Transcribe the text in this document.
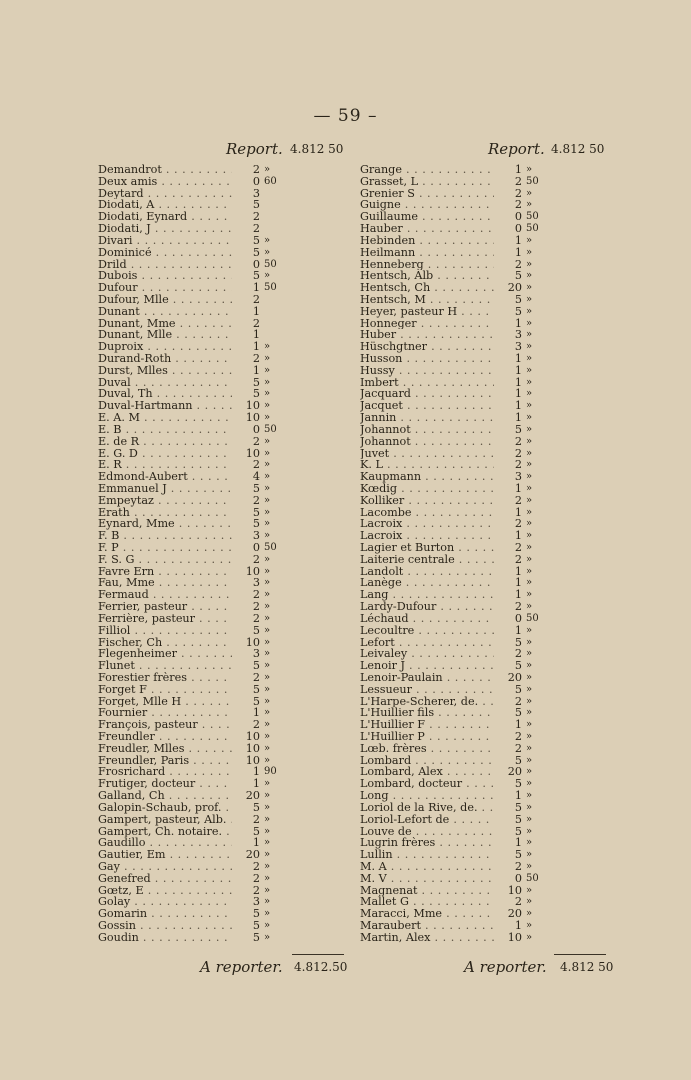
— 59 –
Report. 4.812 50
Demandrot . . .	2 »
Deux amis . . .	0 60
Deytard . . .	3
Diodati, A . . .	5
Diodati, Eynard . . .	2
Diodati, J . . .	2
Divari . . .	5 »
Dominicé . . .	5 »
Drild . . .	0 50
Dubois . . .	5 »
Dufour . . .	1 50
Dufour, Mlle . . .	2
Dunant . . .	1
Dunant, Mme . . .	2
Dunant, Mlle . . .	1
Duproix . . .	1 »
Durand-Roth . . .	2 »
Durst, Mlles . . .	1 »
Duval . . .	5 »
Duval, Th . . .	5 »
Duval-Hartmann . . .	10 »
E. A. M . . .	10 »
E. B . . .	0 50
E. de R . . .	2 »
E. G. D . . .	10 »
E. R . . .	2 »
Edmond-Aubert . . .	4 »
Emmanuel J . . .	5 »
Empeytaz . . .	2 »
Erath . . .	5 »
Eynard, Mme . . .	5 »
F. B . . .	3 »
F. P . . .	0 50
F. S. G . . .	2 »
Favre Ern . . .	10 »
Fau, Mme . . .	3 »
Fermaud . . .	2 »
Ferrier, pasteur . . .	2 »
Ferrière, pasteur . . .	2 »
Filliol . . .	5 »
Fischer, Ch . . .	10 »
Flegenheimer . . .	3 »
Flunet . . .	5 »
Forestier frères . . .	2 »
Forget F . . .	5 »
Forget, Mlle H . . .	5 »
Fournier . . .	1 »
François, pasteur . . .	2 »
Freundler . . .	10 »
Freudler, Mlles . . .	10 »
Freundler, Paris . . .	10 »
Frosrichard . . .	1 90
Frutiger, docteur . . .	1 »
Galland, Ch . . .	20 »
Galopin-Schaub, prof. . . .	5 »
Gampert, pasteur, Alb. . . .	2 »
Gampert, Ch. notaire. . . .	5 »
Gaudillo . . .	1 »
Gautier, Ém . . .	20 »
Gay . . .	2 »
Genefred . . .	2 »
Gœtz, E . . .	2 »
Golay . . .	3 »
Gomarin . . .	5 »
Gossin . . .	5 »
Goudin . . .	5 »
Report. 4.812 50
Grange . . .	1 »
Grasset, L . . .	2 50
Grenier S . . .	2 »
Guigne . . .	2 »
Guillaume . . .	0 50
Hauber . . .	0 50
Hebinden . . .	1 »
Heilmann . . .	1 »
Henneberg . . .	2 »
Hentsch, Alb . . .	5 »
Hentsch, Ch . . .	20 »
Hentsch, M . . .	5 »
Heyer, pasteur H . . .	5 »
Honneger . . .	1 »
Huber . . .	3 »
Hüschgtner . . .	3 »
Husson . . .	1 »
Hussy . . .	1 »
Imbert . . .	1 »
Jacquard . . .	1 »
Jacquet . . .	1 »
Jannin . . .	1 »
Johannot . . .	5 »
Johannot . . .	2 »
Juvet . . .	2 »
K. L . . .	2 »
Kaupmann . . .	3 »
Kœdig . . .	1 »
Kolliker . . .	2 »
Lacombe . . .	1 »
Lacroix . . .	2 »
Lacroix . . .	1 »
Lagier et Burton . . .	2 »
Laiterie centrale . . .	2 »
Landolt . . .	1 »
Lanège . . .	1 »
Lang . . .	1 »
Lardy-Dufour . . .	2 »
Léchaud . . .	0 50
Lecoultre . . .	1 »
Lefort . . .	5 »
Leivaley . . .	2 »
Lenoir J . . .	5 »
Lenoir-Paulain . . .	20 »
Lessueur . . .	5 »
L'Harpe-Scherer, de. . . .	2 »
L'Huillier fils . . .	5 »
L'Huillier F . . .	1 »
L'Huillier P . . .	2 »
Lœb. frères . . .	2 »
Lombard . . .	5 »
Lombard, Alex . . .	20 »
Lombard, docteur . . .	5 »
Long . . .	1 »
Loriol de la Rive, de. . . .	5 »
Loriol-Lefort de . . .	5 »
Louve de . . .	5 »
Lugrin frères . . .	1 »
Lullin . . .	5 »
M. A . . .	2 »
M. V . . .	0 50
Magnenat . . .	10 »
Mallet G . . .	2 »
Maracci, Mme . . .	20 »
Maraubert . . .	1 »
Martin, Alex . . .	10 »
A reporter. 4.812.50	A reporter. 4.812 50
